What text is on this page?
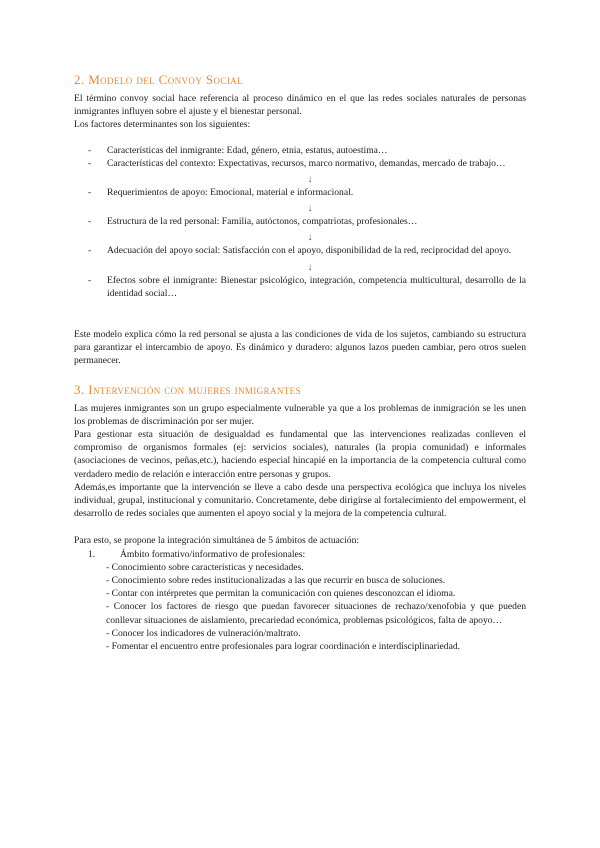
2. Modelo del Convoy Social

El término convoy social hace referencia al proceso dinámico en el que las redes sociales naturales de personas inmigrantes influyen sobre el ajuste y el bienestar personal.

Los factores determinantes son los siguientes:

-	Características del inmigrante: Edad, género, etnia, estatus, autoestima…
-	Características del contexto: Expectativas, recursos, marco normativo, demandas, mercado de trabajo…
↓
-	Requerimientos de apoyo: Emocional, material e informacional.
↓
-	Estructura de la red personal: Familia, autóctonos, compatriotas, profesionales…
↓
-	Adecuación del apoyo social: Satisfacción con el apoyo, disponibilidad de la red, reciprocidad del apoyo.
↓
-	Efectos sobre el inmigrante: Bienestar psicológico, integración, competencia multicultural, desarrollo de la identidad social…

Este modelo explica cómo la red personal se ajusta a las condiciones de vida de los sujetos, cambiando su estructura para garantizar el intercambio de apoyo. Es dinámico y duradero: algunos lazos pueden cambiar, pero otros suelen permanecer.

3. Intervención con mujeres inmigrantes

Las mujeres inmigrantes son un grupo especialmente vulnerable ya que a los problemas de inmigración se les unen los problemas de discriminación por ser mujer.

Para gestionar esta situación de desigualdad es fundamental que las intervenciones realizadas conlleven el compromiso de organismos formales (ej: servicios sociales), naturales (la propia comunidad) e informales (asociaciones de vecinos, peñas,etc.), haciendo especial hincapié en la importancia de la competencia cultural como verdadero medio de relación e interacción entre personas y grupos.

Además,es importante que la intervención se lleve a cabo desde una perspectiva ecológica que incluya los niveles individual, grupal, institucional y comunitario. Concretamente, debe dirigirse al fortalecimiento del empowerment, el desarrollo de redes sociales que aumenten el apoyo social y la mejora de la competencia cultural.

Para esto, se propone la integración simultánea de 5 ámbitos de actuación:

1.	Ámbito formativo/informativo de profesionales:
- Conocimiento sobre características y necesidades.
- Conocimiento sobre redes institucionalizadas a las que recurrir en busca de soluciones.
- Contar con intérpretes que permitan la comunicación con quienes desconozcan el idioma.
- Conocer los factores de riesgo que puedan favorecer situaciones de rechazo/xenofobia y que pueden conllevar situaciones de aislamiento, precariedad económica, problemas psicológicos, falta de apoyo…
- Conocer los indicadores de vulneración/maltrato.
- Fomentar el encuentro entre profesionales para lograr coordinación e interdisciplinariedad.
